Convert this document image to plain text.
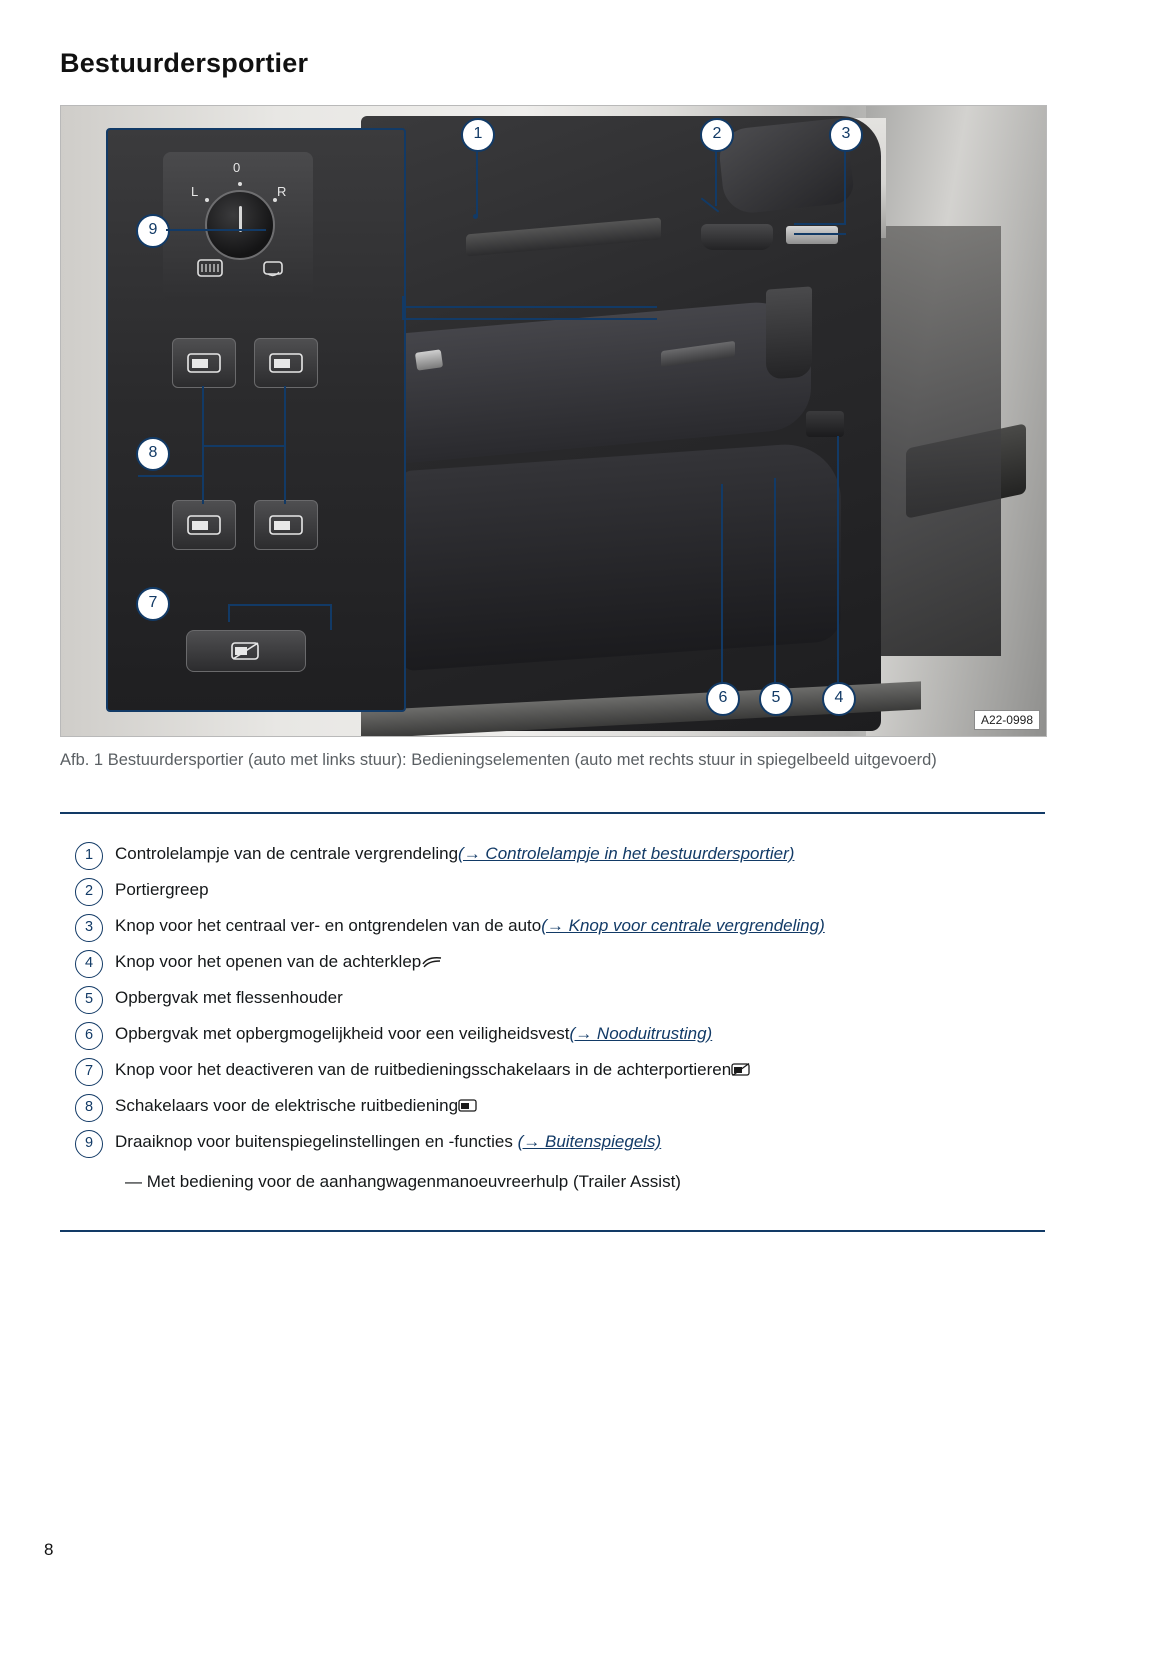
Bestuurdersportier
L	R
0
1	2	3
4
5
6
7
8
9
A22-0998
Afb. 1 Bestuurdersportier (auto met links stuur): Bedieningselementen (auto met rechts stuur in spiegelbeeld uitgevoerd)
1	Controlelampje van de centrale vergrendeling(→ Controlelampje in het bestuurdersportier)
2	Portiergreep
3	Knop voor het centraal ver- en ontgrendelen van de auto(→ Knop voor centrale vergrendeling)
4	Knop voor het openen van de achterklep
5	Opbergvak met flessenhouder
6	Opbergvak met opbergmogelijkheid voor een veiligheidsvest(→ Nooduitrusting)
7	Knop voor het deactiveren van de ruitbedieningsschakelaars in de achterportieren
8	Schakelaars voor de elektrische ruitbediening
9	Draaiknop voor buitenspiegelinstellingen en -functies (→ Buitenspiegels)
— Met bediening voor de aanhangwagenmanoeuvreerhulp (Trailer Assist)
8
